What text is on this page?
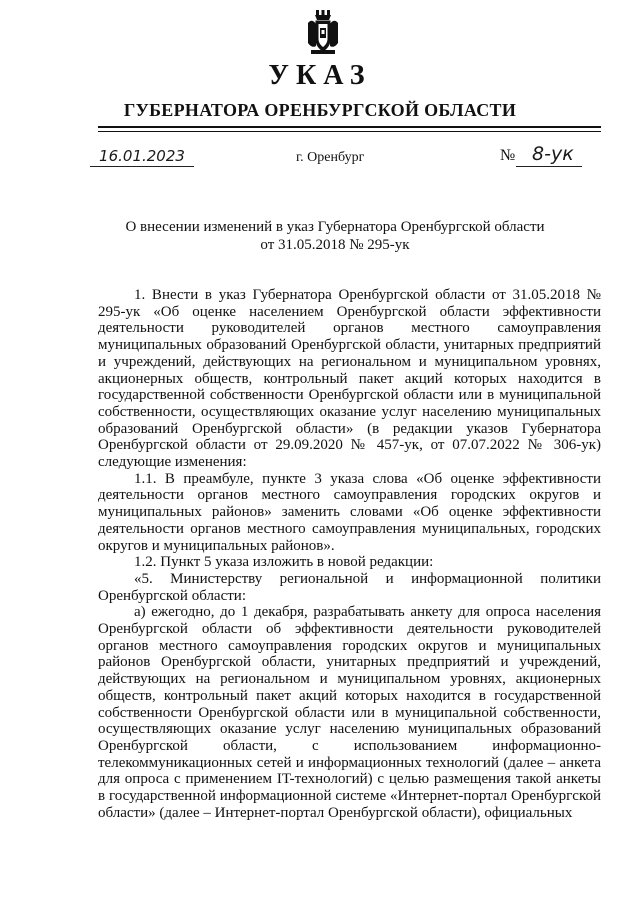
УКАЗ
ГУБЕРНАТОРА ОРЕНБУРГСКОЙ ОБЛАСТИ
16.01.2023	г. Оренбург	№ 8-ук
О внесении изменений в указ Губернатора Оренбургской области
от 31.05.2018 № 295-ук

1. Внести в указ Губернатора Оренбургской области от 31.05.2018 № 295-ук «Об оценке населением Оренбургской области эффективности деятельности руководителей органов местного самоуправления муниципальных образований Оренбургской области, унитарных предприятий и учреждений, действующих на региональном и муниципальном уровнях, акционерных обществ, контрольный пакет акций которых находится в государственной собственности Оренбургской области или в муниципальной собственности, осуществляющих оказание услуг населению муниципальных образований Оренбургской области» (в редакции указов Губернатора Оренбургской области от 29.09.2020 № 457-ук, от 07.07.2022 № 306-ук) следующие изменения:

1.1. В преамбуле, пункте 3 указа слова «Об оценке эффективности деятельности органов местного самоуправления городских округов и муниципальных районов» заменить словами «Об оценке эффективности деятельности органов местного самоуправления муниципальных, городских округов и муниципальных районов».

1.2. Пункт 5 указа изложить в новой редакции:

«5. Министерству региональной и информационной политики Оренбургской области:

а) ежегодно, до 1 декабря, разрабатывать анкету для опроса населения Оренбургской области об эффективности деятельности руководителей органов местного самоуправления городских округов и муниципальных районов Оренбургской области, унитарных предприятий и учреждений, действующих на региональном и муниципальном уровнях, акционерных обществ, контрольный пакет акций которых находится в государственной собственности Оренбургской области или в муниципальной собственности, осуществляющих оказание услуг населению муниципальных образований Оренбургской области, с использованием информационно-телекоммуникационных сетей и информационных технологий (далее – анкета для опроса с применением IT-технологий) с целью размещения такой анкеты в государственной информационной системе «Интернет-портал Оренбургской области» (далее – Интернет-портал Оренбургской области), официальных
